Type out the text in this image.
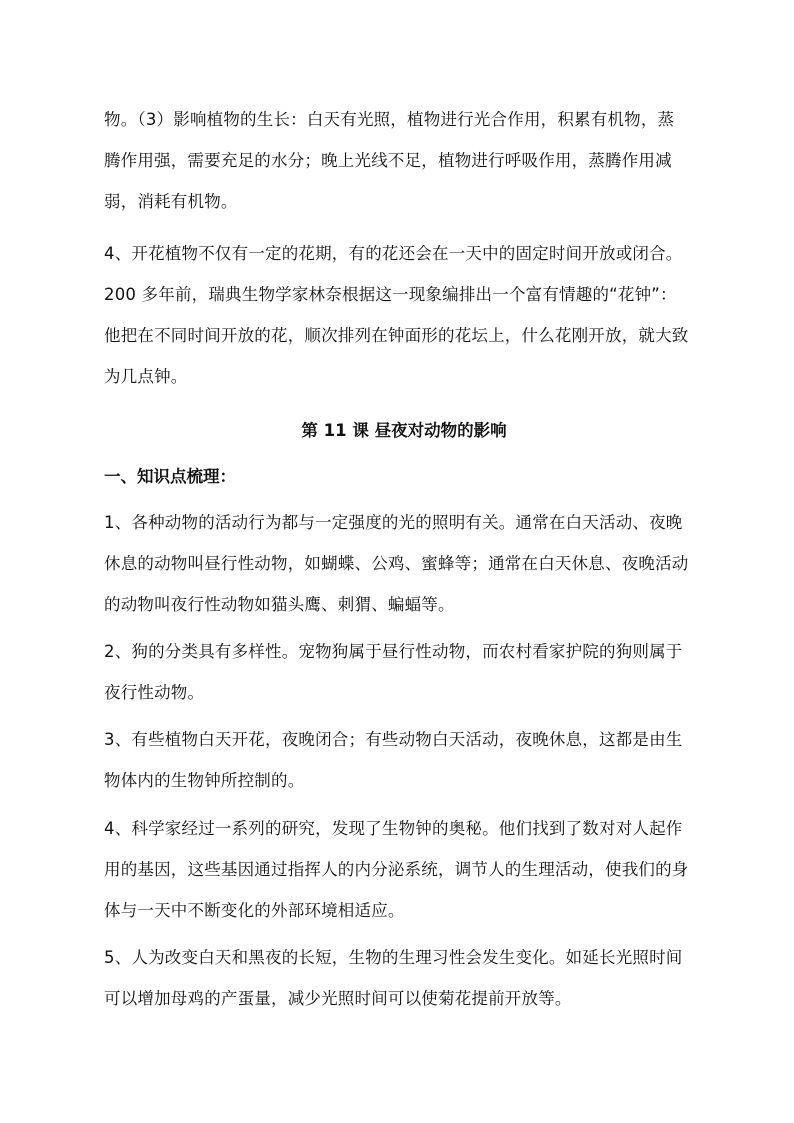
物。（3）影响植物的生长：白天有光照，植物进行光合作用，积累有机物，蒸
腾作用强，需要充足的水分；晚上光线不足，植物进行呼吸作用，蒸腾作用减
弱，消耗有机物。

4、开花植物不仅有一定的花期，有的花还会在一天中的固定时间开放或闭合。
200 多年前，瑞典生物学家林奈根据这一现象编排出一个富有情趣的“花钟”：
他把在不同时间开放的花，顺次排列在钟面形的花坛上，什么花刚开放，就大致
为几点钟。

第 11 课 昼夜对动物的影响
一、知识点梳理：

1、各种动物的活动行为都与一定强度的光的照明有关。通常在白天活动、夜晚
休息的动物叫昼行性动物，如蝴蝶、公鸡、蜜蜂等；通常在白天休息、夜晚活动
的动物叫夜行性动物如猫头鹰、刺猬、蝙蝠等。

2、狗的分类具有多样性。宠物狗属于昼行性动物，而农村看家护院的狗则属于
夜行性动物。

3、有些植物白天开花，夜晚闭合；有些动物白天活动，夜晚休息，这都是由生
物体内的生物钟所控制的。

4、科学家经过一系列的研究，发现了生物钟的奥秘。他们找到了数对对人起作
用的基因，这些基因通过指挥人的内分泌系统，调节人的生理活动，使我们的身
体与一天中不断变化的外部环境相适应。

5、人为改变白天和黑夜的长短，生物的生理习性会发生变化。如延长光照时间
可以增加母鸡的产蛋量，减少光照时间可以使菊花提前开放等。
